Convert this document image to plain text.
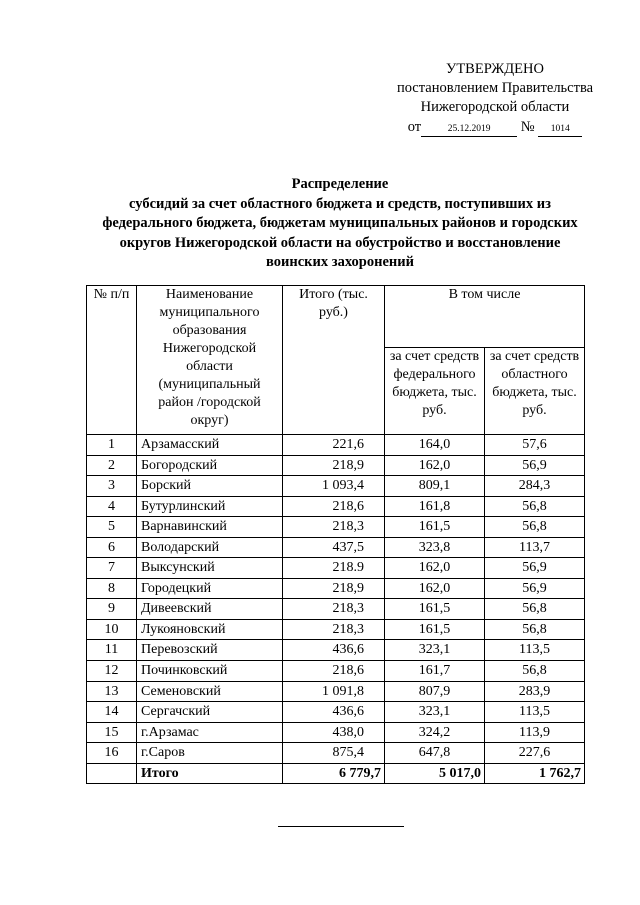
УТВЕРЖДЕНО
постановлением Правительства
Нижегородской области
от	25.12.2019 № 1014
Распределение
субсидий за счет областного бюджета и средств, поступивших из
федерального бюджета, бюджетам муниципальных районов и городских
округов Нижегородской области на обустройство и восстановление
воинских захоронений
№ п/п	Наименование муниципального образования Нижегородской области (муниципальный район /городской округ)	Итого (тыс. руб.)	В том числе	
			за счет средств федерального бюджета, тыс. руб.	за счет средств областного бюджета, тыс. руб.
1	Арзамасский	221,6	164,0	57,6
2	Богородский	218,9	162,0	56,9
3	Борский	1 093,4	809,1	284,3
4	Бутурлинский	218,6	161,8	56,8
5	Варнавинский	218,3	161,5	56,8
6	Володарский	437,5	323,8	113,7
7	Выксунский	218.9	162,0	56,9
8	Городецкий	218,9	162,0	56,9
9	Дивеевский	218,3	161,5	56,8
10	Лукояновский	218,3	161,5	56,8
11	Перевозский	436,6	323,1	113,5
12	Починковский	218,6	161,7	56,8
13	Семеновский	1 091,8	807,9	283,9
14	Сергачский	436,6	323,1	113,5
15	г.Арзамас	438,0	324,2	113,9
16	г.Саров	875,4	647,8	227,6
	Итого	6 779,7	5 017,0	1 762,7
